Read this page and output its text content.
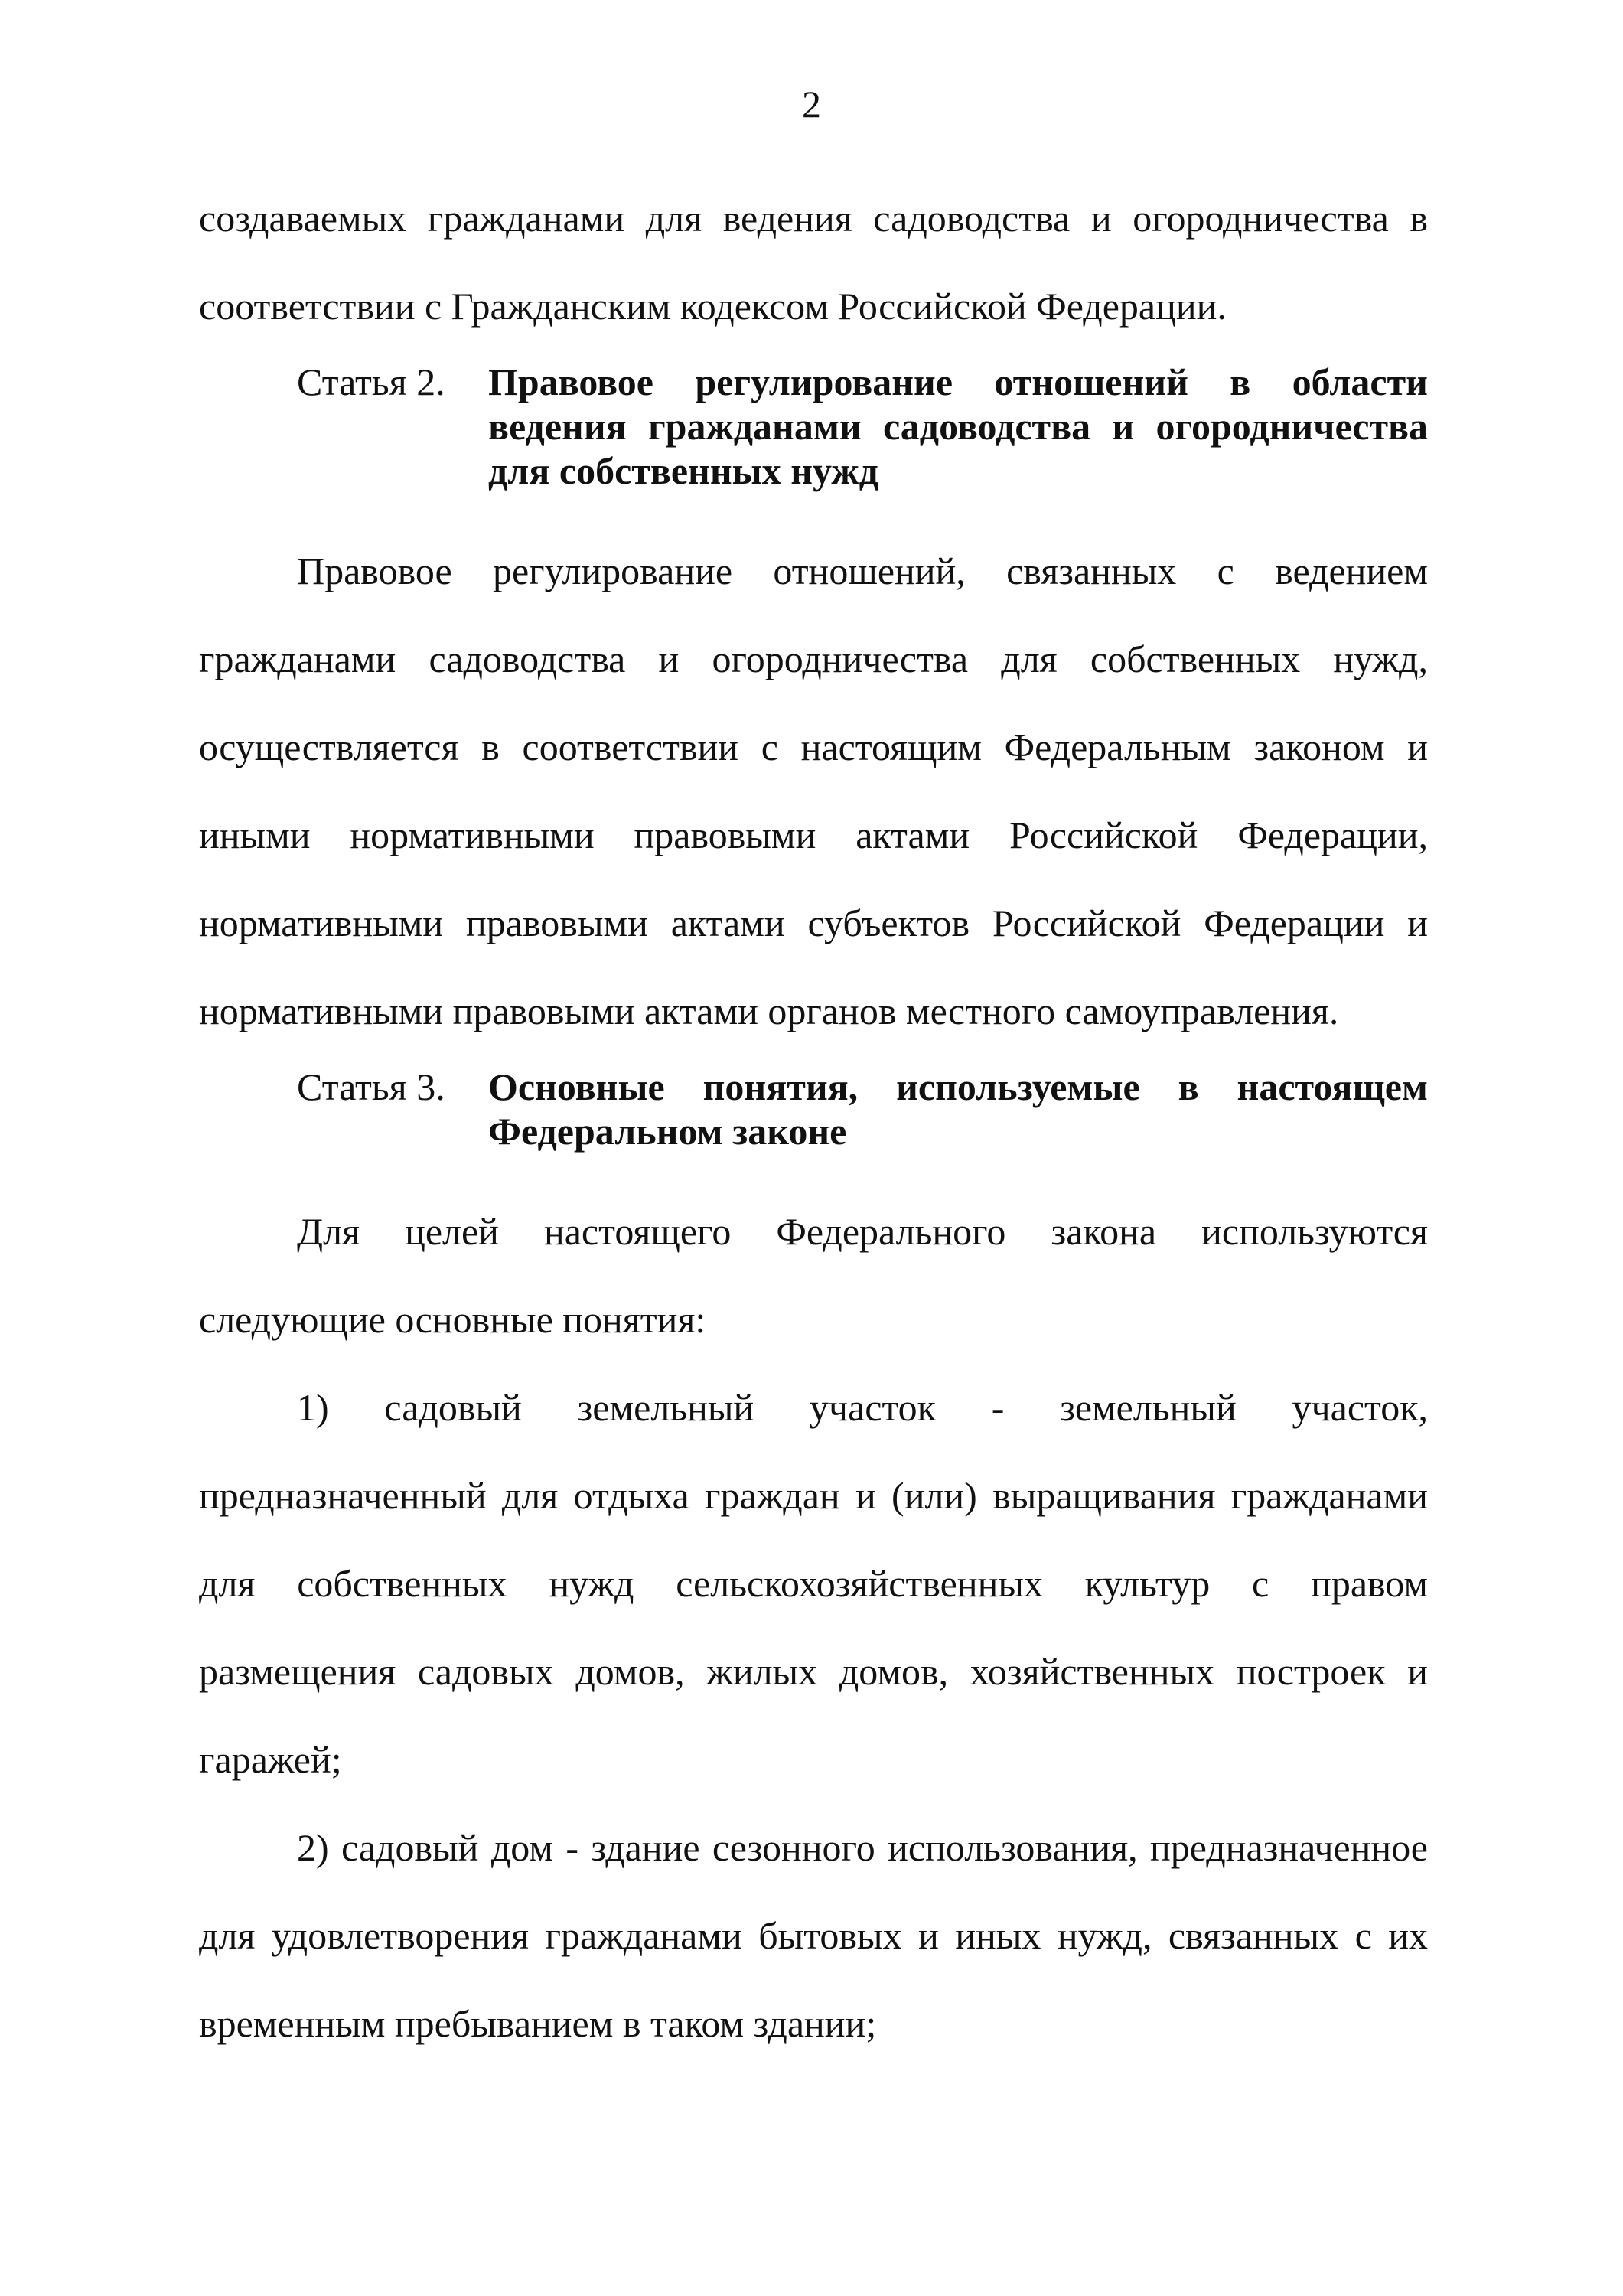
2

создаваемых гражданами для ведения садоводства и огородничества в соответствии с Гражданским кодексом Российской Федерации.

Статья 2.	Правовое регулирование отношений в области ведения гражданами садоводства и огородничества для собственных нужд

Правовое регулирование отношений, связанных с ведением гражданами садоводства и огородничества для собственных нужд, осуществляется в соответствии с настоящим Федеральным законом и иными нормативными правовыми актами Российской Федерации, нормативными правовыми актами субъектов Российской Федерации и нормативными правовыми актами органов местного самоуправления.

Статья 3.	Основные понятия, используемые в настоящем Федеральном законе

Для целей настоящего Федерального закона используются следующие основные понятия:

1) садовый земельный участок - земельный участок, предназначенный для отдыха граждан и (или) выращивания гражданами для собственных нужд сельскохозяйственных культур с правом размещения садовых домов, жилых домов, хозяйственных построек и гаражей;

2) садовый дом - здание сезонного использования, предназначенное для удовлетворения гражданами бытовых и иных нужд, связанных с их временным пребыванием в таком здании;
